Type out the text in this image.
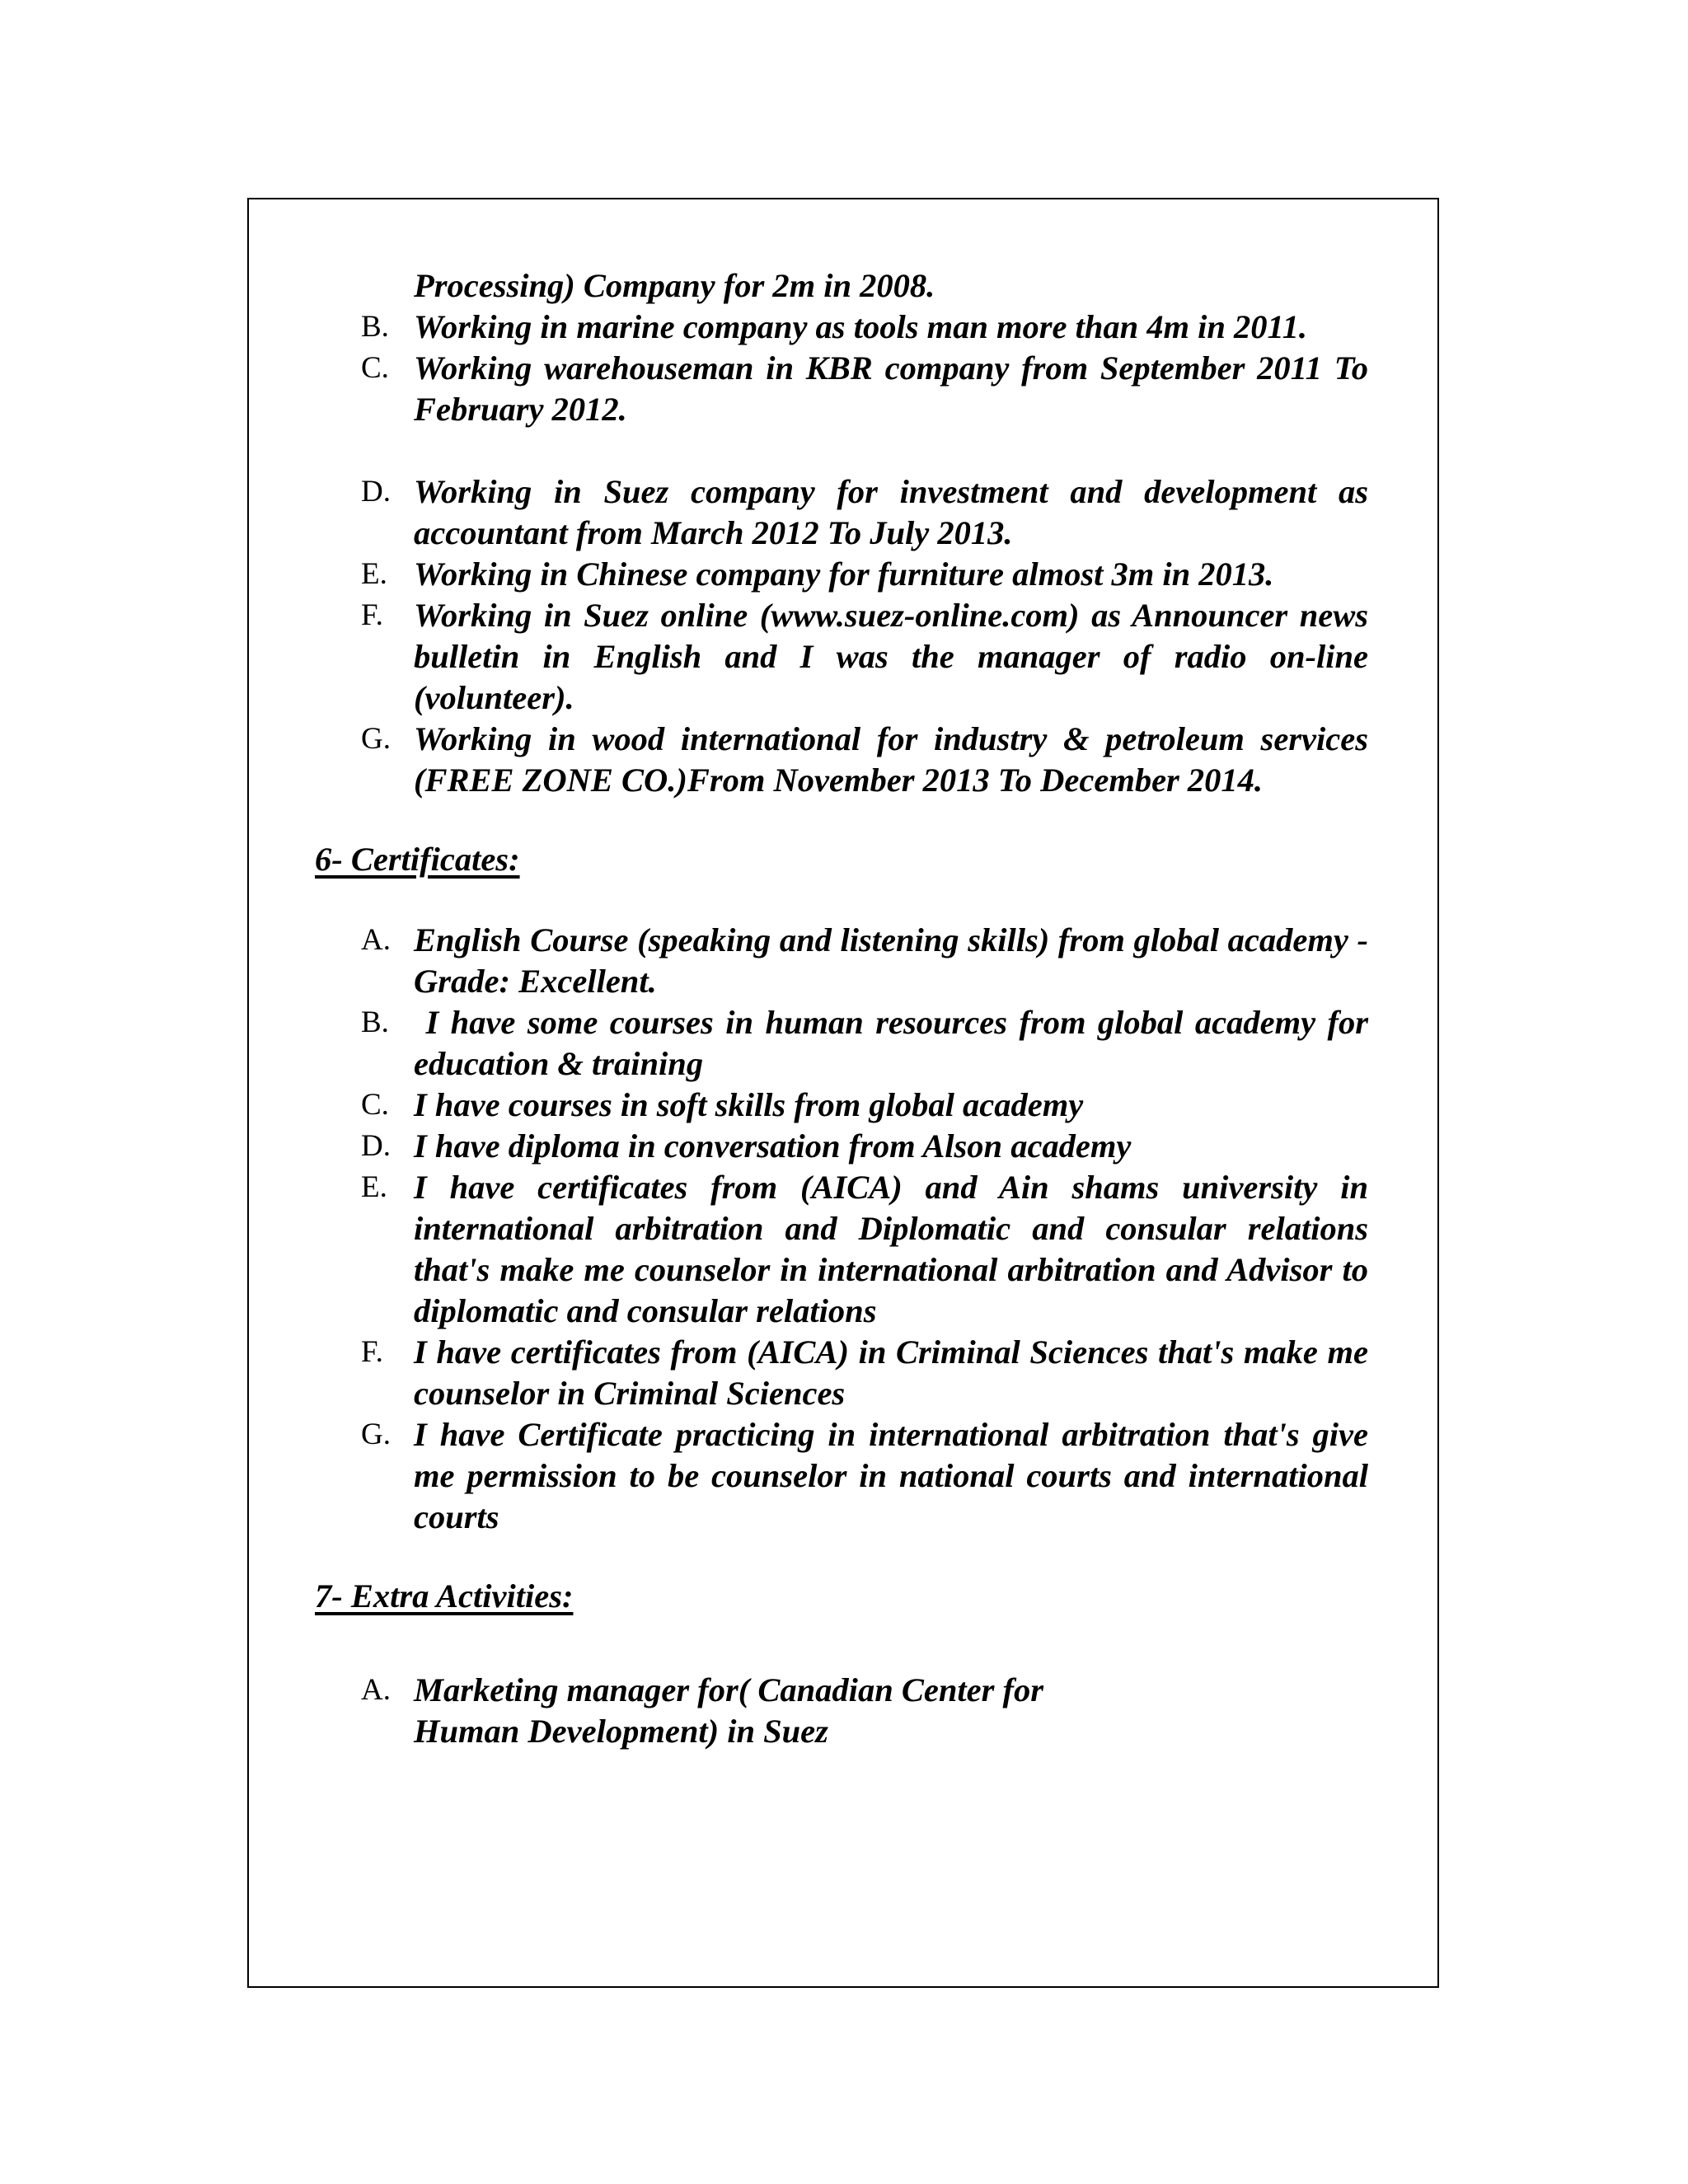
Processing) Company for 2m in 2008.
B. Working in marine company as tools man more than 4m in 2011.
C. Working warehouseman in KBR company from September 2011 To February 2012.
D. Working in Suez company for investment and development as accountant from March 2012 To July 2013.
E. Working in Chinese company for furniture almost 3m in 2013.
F. Working in Suez online (www.suez-online.com) as Announcer news bulletin in English and I was the manager of radio on-line (volunteer).
G. Working in wood international for industry & petroleum services (FREE ZONE CO.)From November 2013 To December 2014.
6- Certificates:
A. English Course (speaking and listening skills) from global academy - Grade: Excellent.
B. I have some courses in human resources from global academy for   education & training
C. I have courses in soft skills from global academy
D. I have diploma in conversation from Alson academy
E. I have certificates from (AICA) and Ain shams university in international arbitration and Diplomatic and consular relations that's make me counselor in international arbitration and Advisor to diplomatic and consular relations
F. I have certificates from (AICA) in Criminal Sciences that's make me counselor in Criminal Sciences
G. I have Certificate practicing in international arbitration that's give me permission to be counselor in national courts and international courts
7- Extra Activities:
A. Marketing manager for( Canadian Center for Human Development) in Suez
